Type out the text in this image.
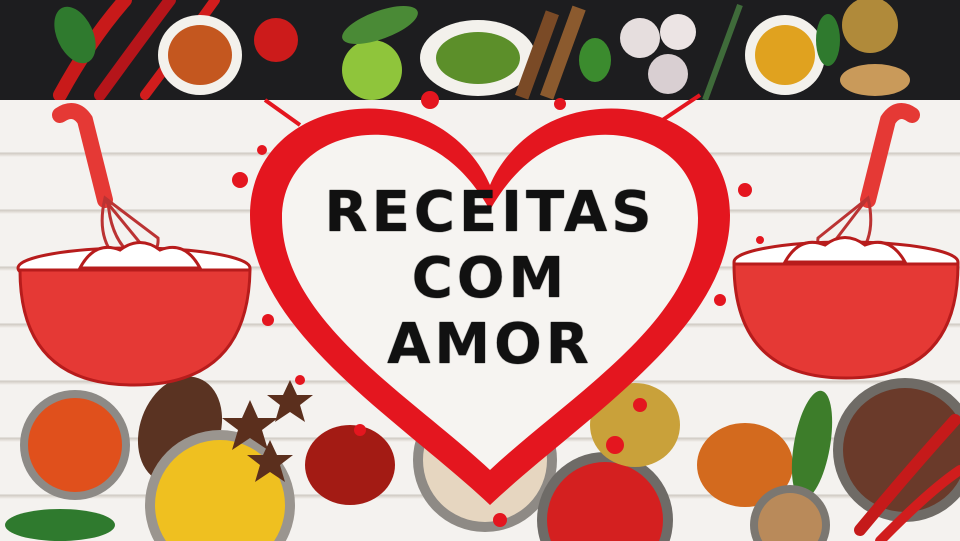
RECEITAS
COM
AMOR
